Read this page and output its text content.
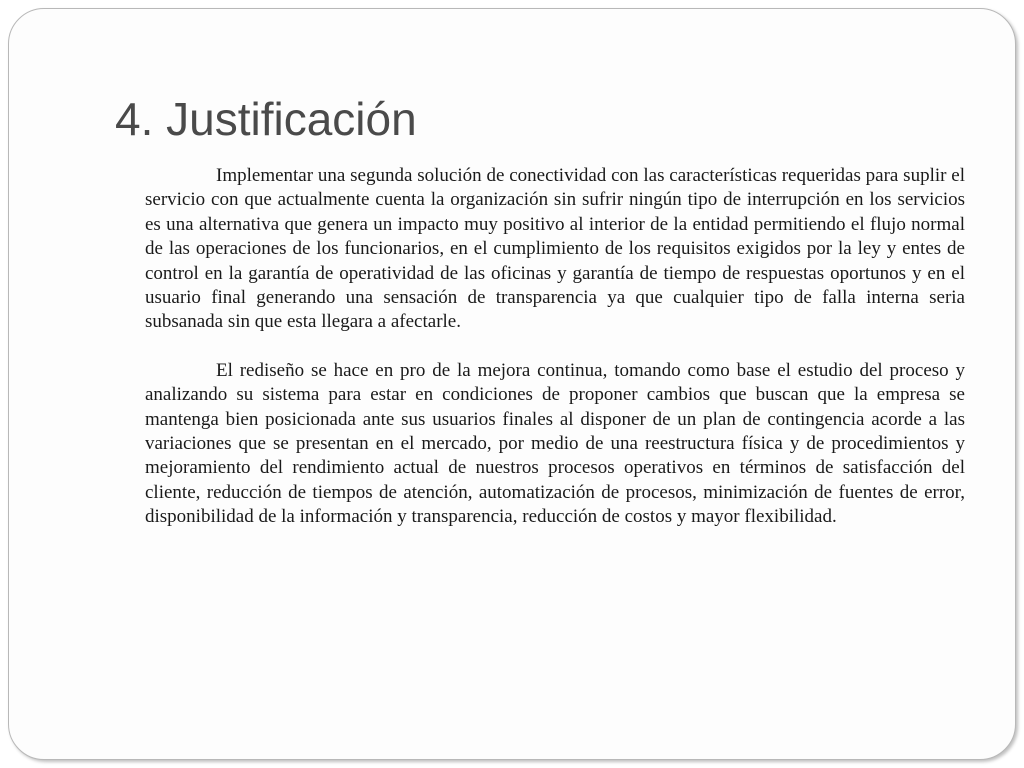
4. Justificación

Implementar una segunda solución de conectividad con las características requeridas para suplir el servicio con que actualmente cuenta la organización sin sufrir ningún tipo de interrupción en los servicios es una alternativa que genera un impacto muy positivo al interior de la entidad permitiendo el flujo normal de las operaciones de los funcionarios, en el cumplimiento de los requisitos exigidos por la ley y entes de control en la garantía de operatividad de las oficinas y garantía de tiempo de respuestas oportunos y en el usuario final generando una sensación de transparencia ya que cualquier tipo de falla interna seria subsanada sin que esta llegara a afectarle.

El rediseño se hace en pro de la mejora continua, tomando como base el estudio del proceso y analizando su sistema para estar en condiciones de proponer cambios que buscan que la empresa se mantenga bien posicionada ante sus usuarios finales al disponer de un plan de contingencia acorde a las variaciones que se presentan en el mercado, por medio de una reestructura física y de procedimientos y mejoramiento del rendimiento actual de nuestros procesos operativos en términos de satisfacción del cliente, reducción de tiempos de atención, automatización de procesos, minimización de fuentes de error, disponibilidad de la información y transparencia, reducción de costos y mayor flexibilidad.
